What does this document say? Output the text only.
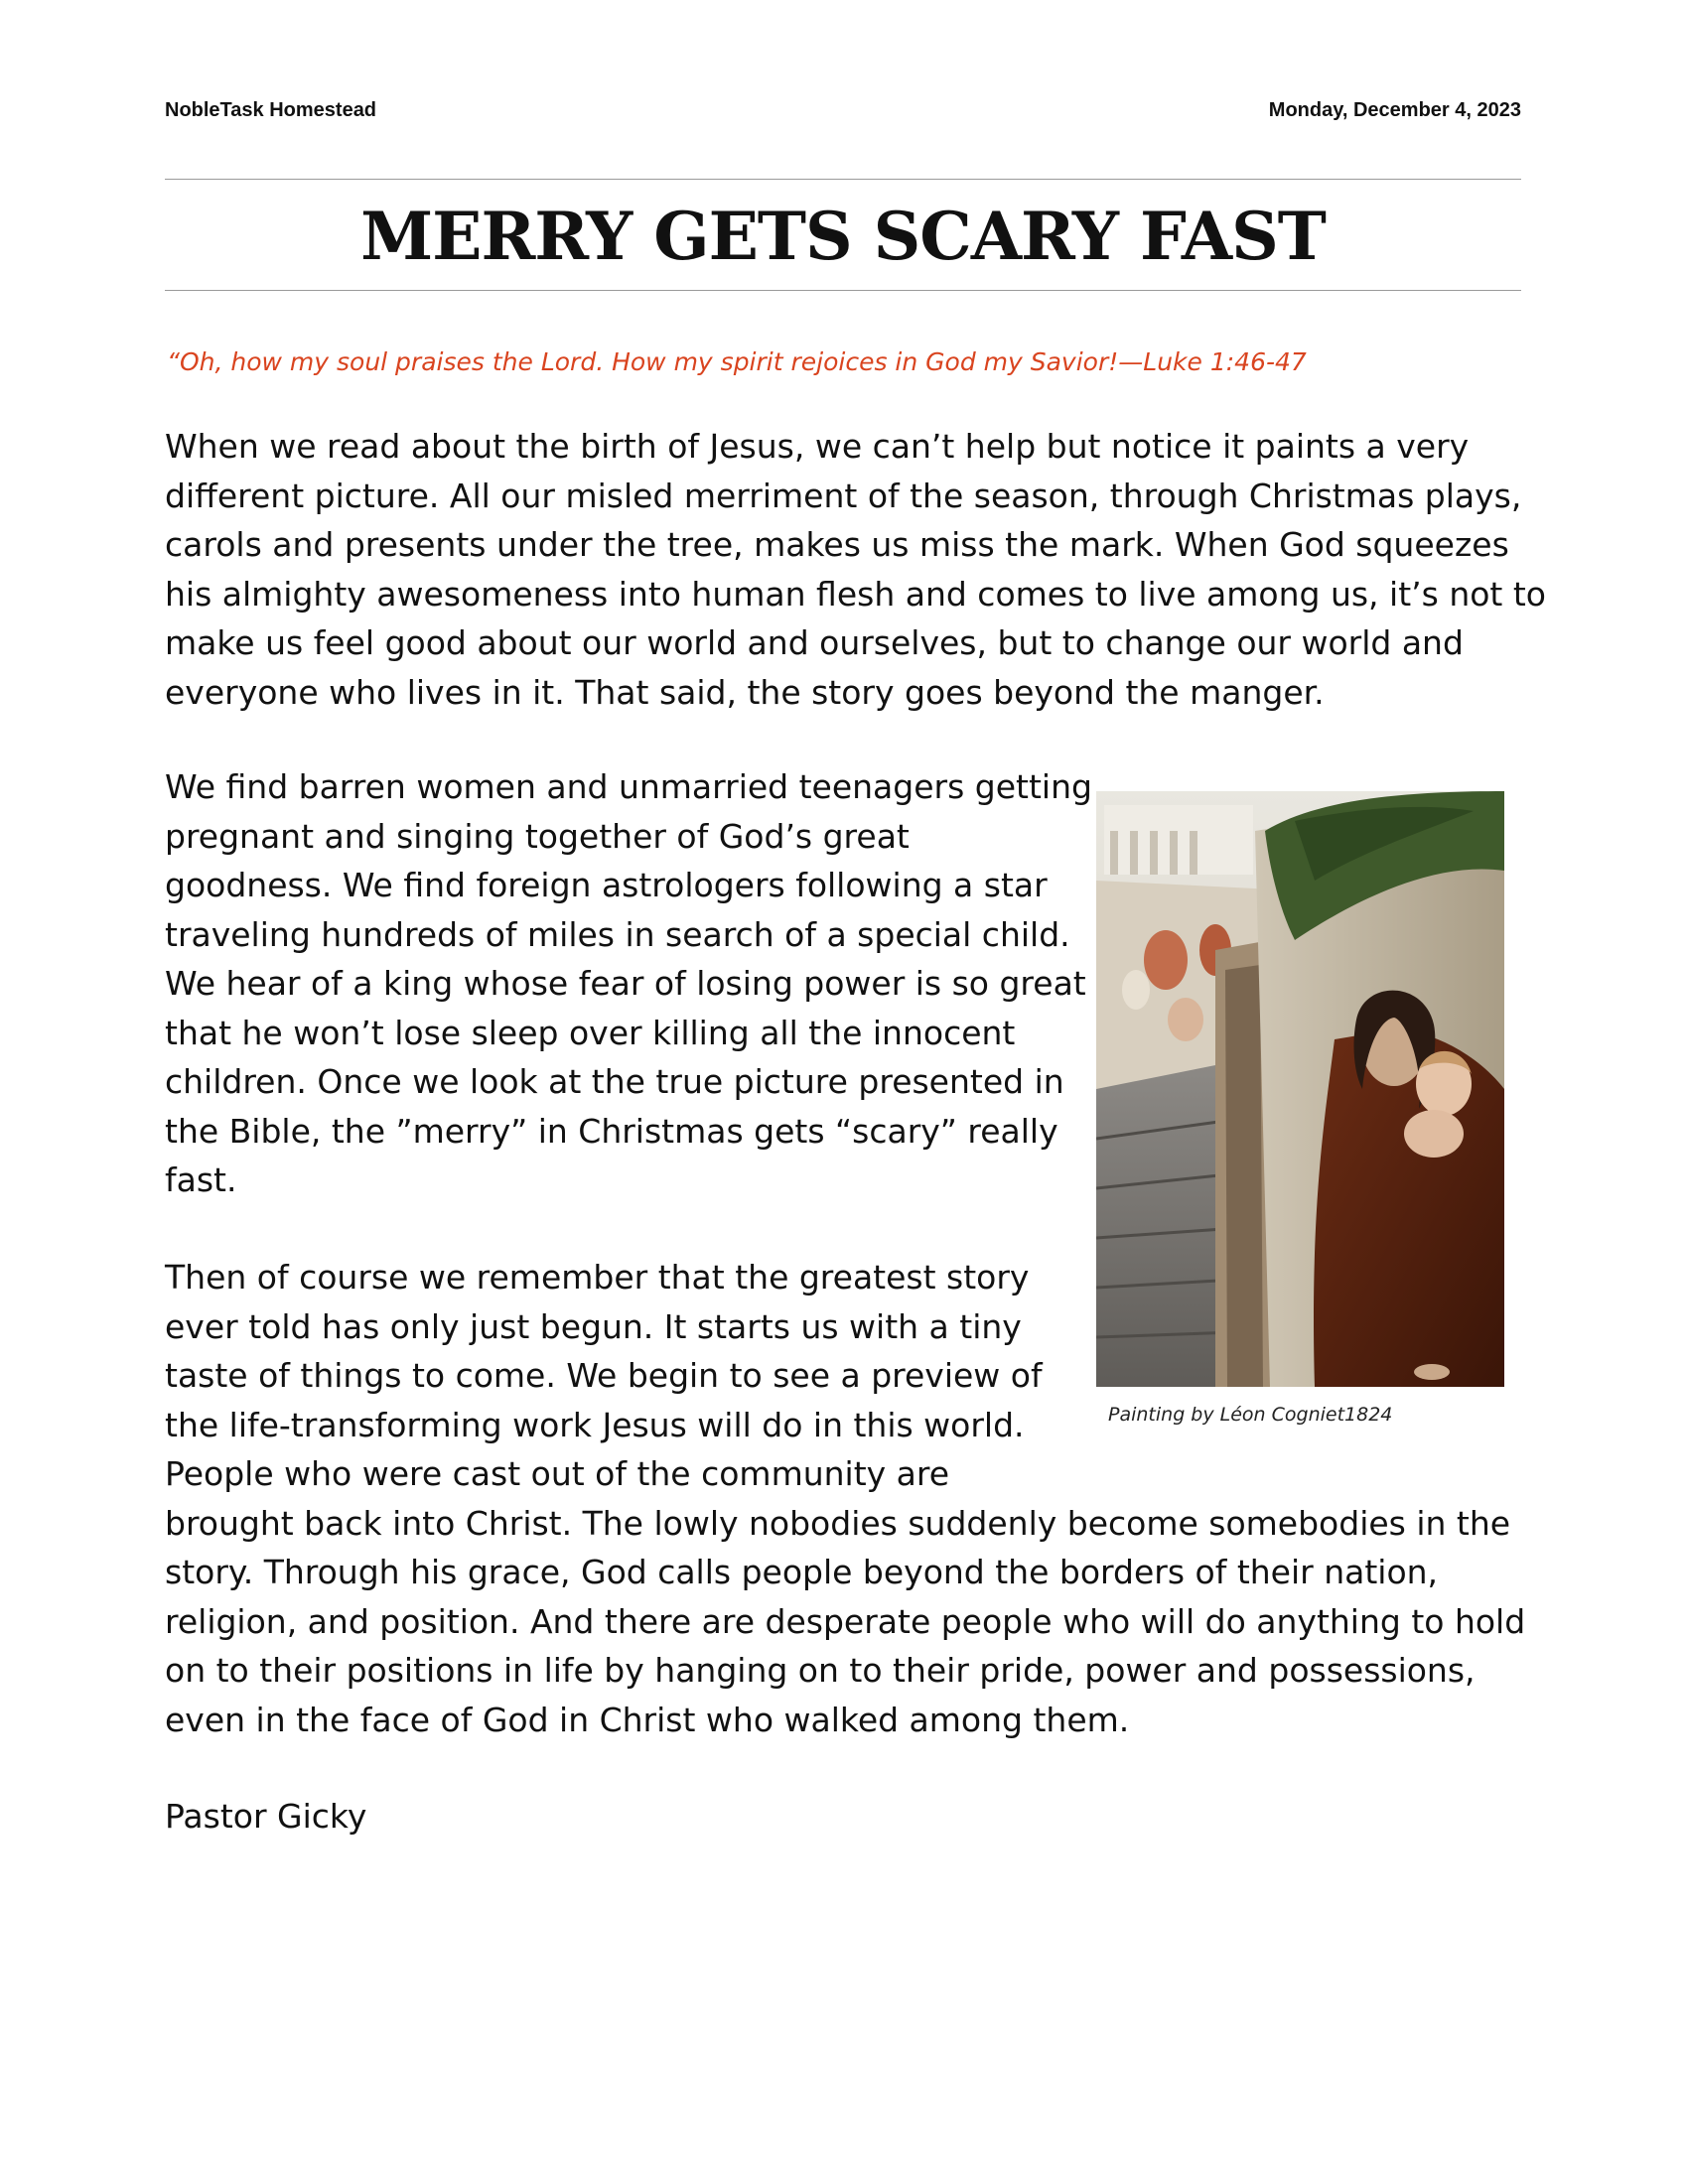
NobleTask Homestead	Monday, December 4, 2023
MERRY GETS SCARY FAST
“Oh, how my soul praises the Lord. How my spirit rejoices in God my Savior!—Luke 1:46-47

When we read about the birth of Jesus, we can’t help but notice it paints a very
different picture. All our misled merriment of the season, through Christmas plays,
carols and presents under the tree, makes us miss the mark. When God squeezes
his almighty awesomeness into human flesh and comes to live among us, it’s not to
make us feel good about our world and ourselves, but to change our world and
everyone who lives in it. That said, the story goes beyond the manger.

We find barren women and unmarried teenagers getting
pregnant and singing together of God’s great
goodness. We find foreign astrologers following a star
traveling hundreds of miles in search of a special child.
We hear of a king whose fear of losing power is so great
that he won’t lose sleep over killing all the innocent
children. Once we look at the true picture presented in
the Bible, the ”merry” in Christmas gets “scary” really
fast.

Then of course we remember that the greatest story
ever told has only just begun. It starts us with a tiny
taste of things to come. We begin to see a preview of
the life-transforming work Jesus will do in this world.
People who were cast out of the community are
brought back into Christ. The lowly nobodies suddenly become somebodies in the
story. Through his grace, God calls people beyond the borders of their nation,
religion, and position. And there are desperate people who will do anything to hold
on to their positions in life by hanging on to their pride, power and possessions,
even in the face of God in Christ who walked among them.

Pastor Gicky
Painting by Léon Cogniet1824
